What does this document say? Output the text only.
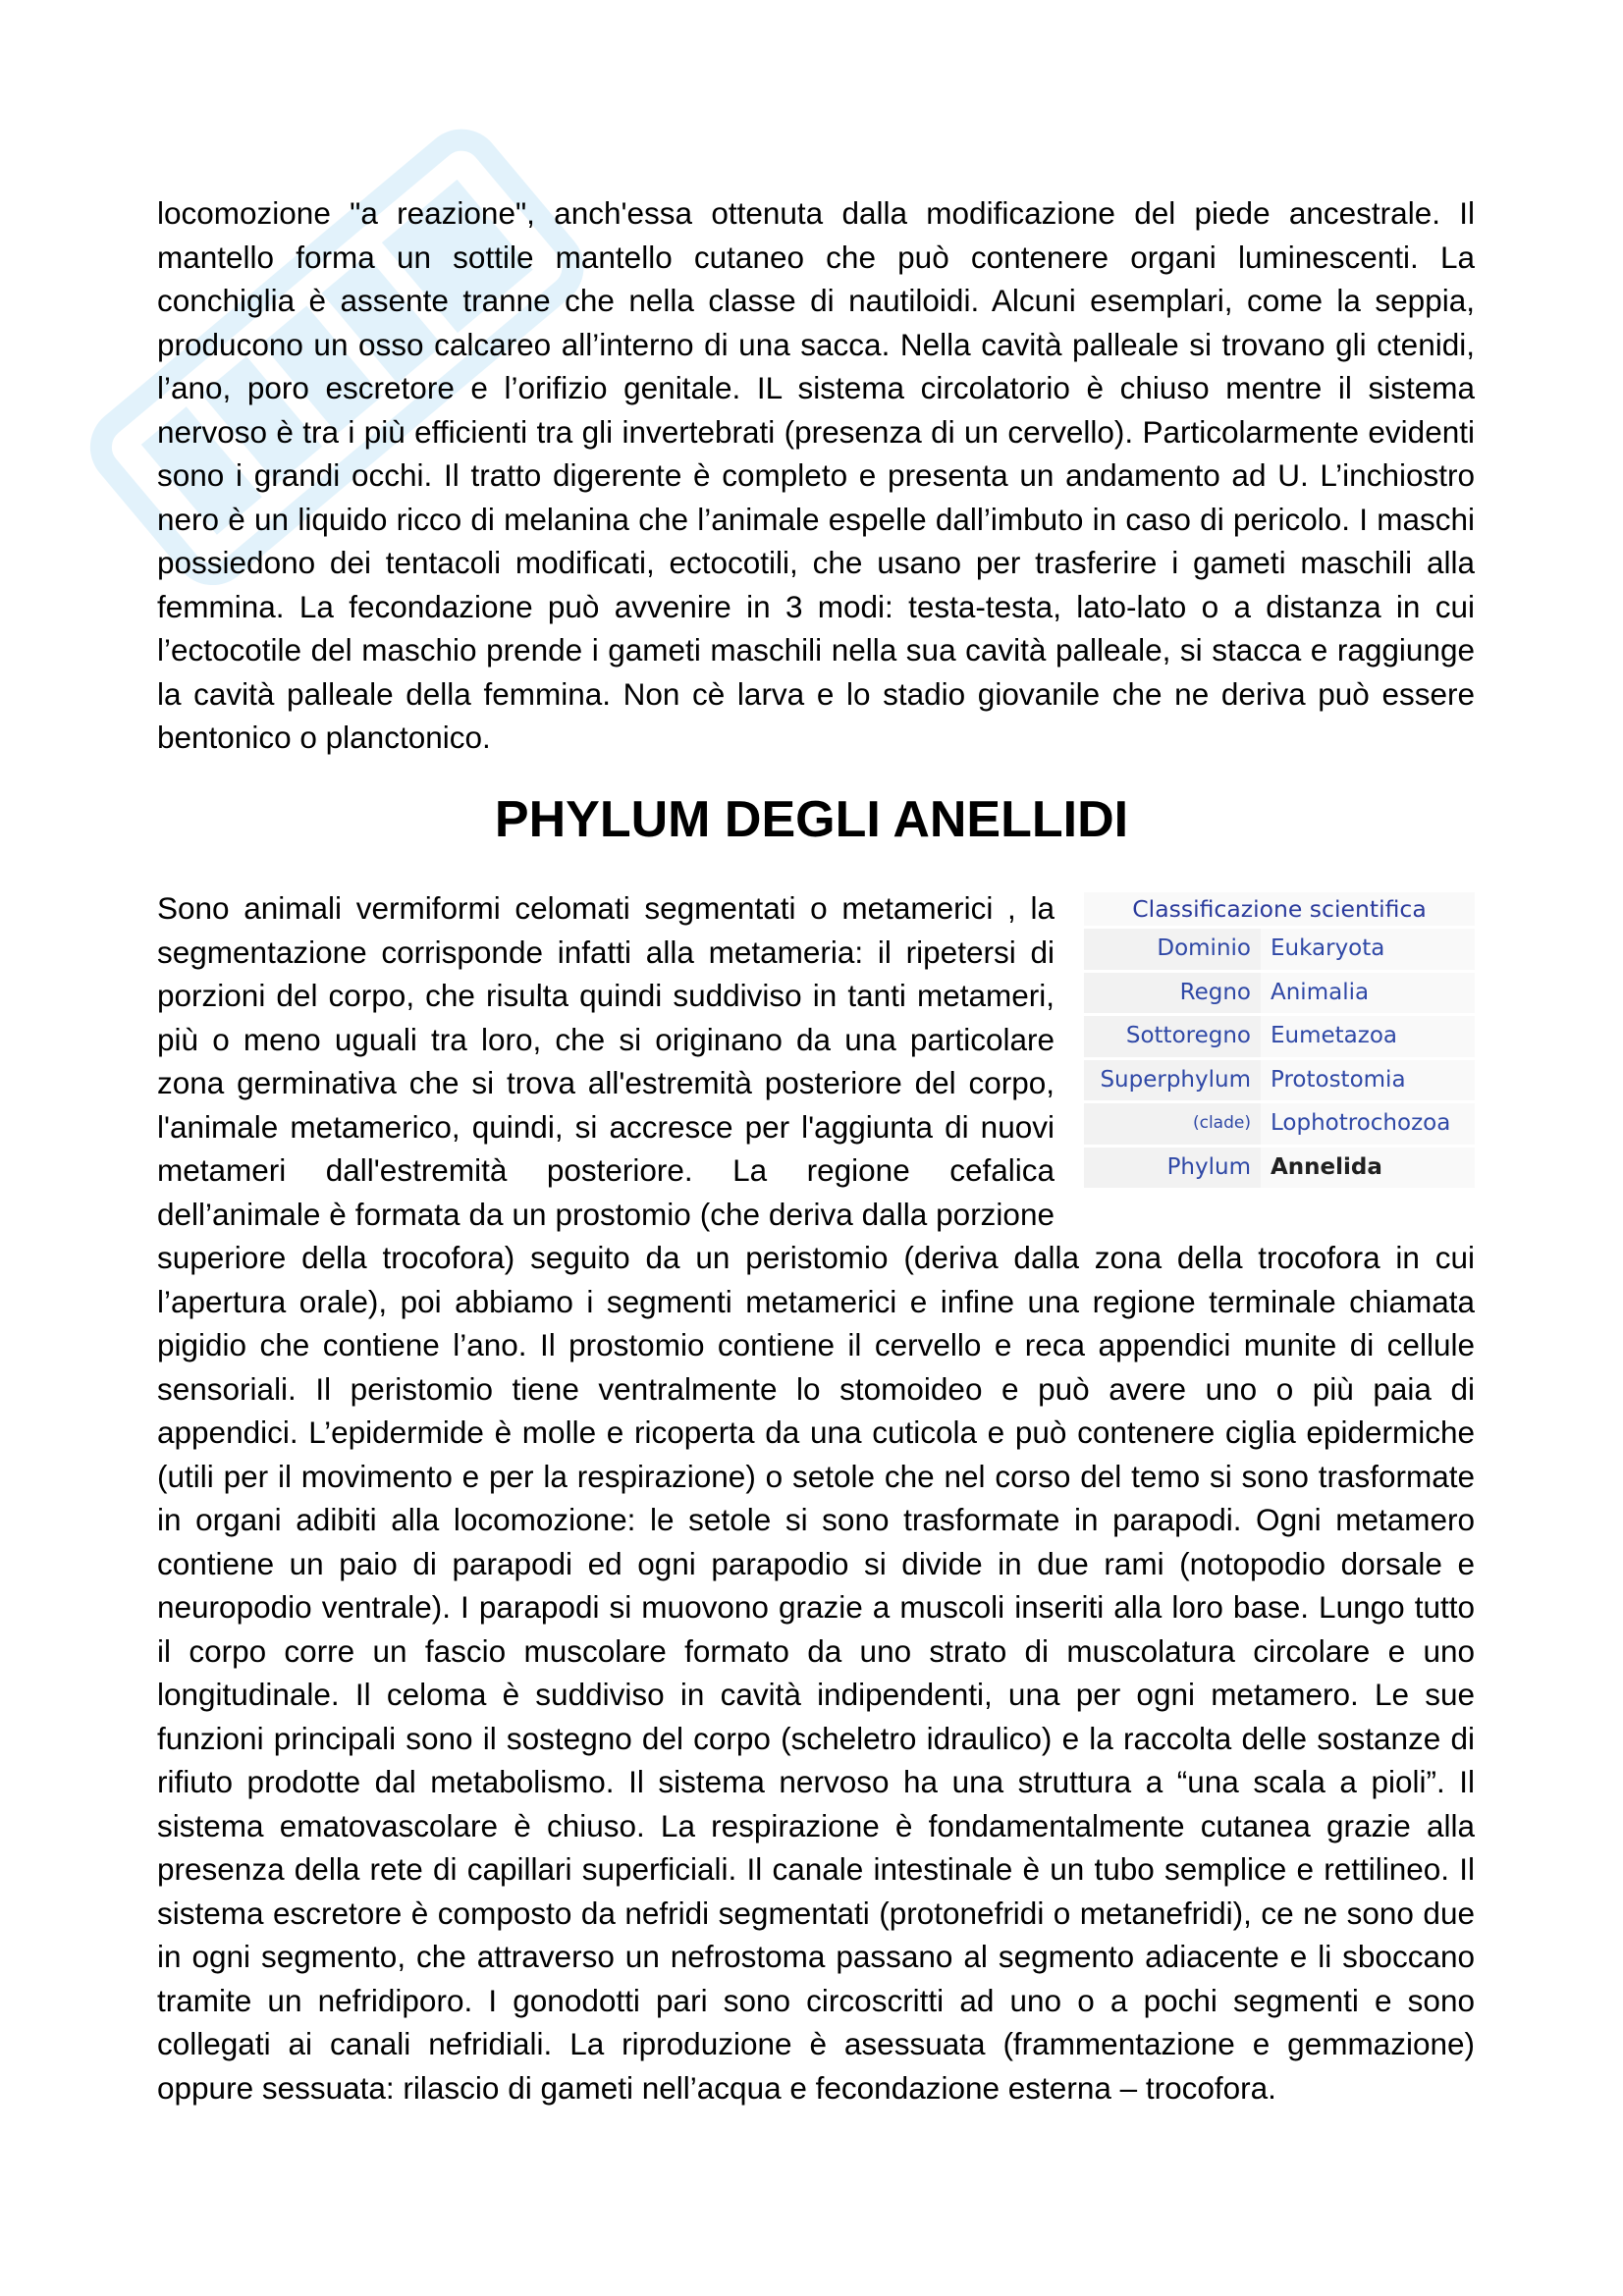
locomozione "a reazione", anch'essa ottenuta dalla modificazione del piede ancestrale. Il mantello forma un sottile mantello cutaneo che può contenere organi luminescenti. La conchiglia è assente tranne che nella classe di nautiloidi. Alcuni esemplari, come la seppia, producono un osso calcareo all’interno di una sacca. Nella cavità palleale si trovano gli ctenidi, l’ano, poro escretore e l’orifizio genitale. IL sistema circolatorio è chiuso mentre il sistema nervoso è tra i più efficienti tra gli invertebrati (presenza di un cervello). Particolarmente evidenti sono i grandi occhi. Il tratto digerente è completo e presenta un andamento ad U. L’inchiostro nero è un liquido ricco di melanina che l’animale espelle dall’imbuto in caso di pericolo. I maschi possiedono dei tentacoli modificati, ectocotili, che usano per trasferire i gameti maschili alla femmina. La fecondazione può avvenire in 3 modi: testa-testa, lato-lato o a distanza in cui l’ectocotile del maschio prende i gameti maschili nella sua cavità palleale, si stacca e raggiunge la cavità palleale della femmina. Non cè larva e lo stadio giovanile che ne deriva può essere bentonico o planctonico.
PHYLUM DEGLI ANELLIDI
Classificazione scientifica	
Dominio	Eukaryota
Regno	Animalia
Sottoregno	Eumetazoa
Superphylum	Protostomia
(clade)	Lophotrochozoa
Phylum	Annelida
Sono animali vermiformi celomati segmentati o metamerici , la segmentazione corrisponde infatti alla metameria: il ripetersi di porzioni del corpo, che risulta quindi suddiviso in tanti metameri, più o meno uguali tra loro, che si originano da una particolare zona germinativa che si trova all'estremità posteriore del corpo, l'animale metamerico, quindi, si accresce per l'aggiunta di nuovi metameri dall'estremità posteriore. La regione cefalica dell’animale è formata da un prostomio (che deriva dalla porzione superiore della trocofora) seguito da un peristomio (deriva dalla zona della trocofora in cui l’apertura orale), poi abbiamo i segmenti metamerici e infine una regione terminale chiamata pigidio che contiene l’ano. Il prostomio contiene il cervello e reca appendici munite di cellule sensoriali. Il peristomio tiene ventralmente lo stomoideo e può avere uno o più paia di appendici. L’epidermide è molle e ricoperta da una cuticola e può contenere ciglia epidermiche (utili per il movimento e per la respirazione) o setole che nel corso del temo si sono trasformate in organi adibiti alla locomozione: le setole si sono trasformate in parapodi. Ogni metamero contiene un paio di parapodi ed ogni parapodio si divide in due rami (notopodio dorsale e neuropodio ventrale). I parapodi si muovono grazie a muscoli inseriti alla loro base. Lungo tutto il corpo corre un fascio muscolare formato da uno strato di muscolatura circolare e uno longitudinale. Il celoma è suddiviso in cavità indipendenti, una per ogni metamero. Le sue funzioni principali sono il sostegno del corpo (scheletro idraulico) e la raccolta delle sostanze di rifiuto prodotte dal metabolismo. Il sistema nervoso ha una struttura a “una scala a pioli”. Il sistema ematovascolare è chiuso. La respirazione è fondamentalmente cutanea grazie alla presenza della rete di capillari superficiali. Il canale intestinale è un tubo semplice e rettilineo. Il sistema escretore è composto da nefridi segmentati (protonefridi o metanefridi), ce ne sono due in ogni segmento, che attraverso un nefrostoma passano al segmento adiacente e li sboccano tramite un nefridiporo. I gonodotti pari sono circoscritti ad uno o a pochi segmenti e sono collegati ai canali nefridiali. La riproduzione è asessuata (frammentazione e gemmazione) oppure sessuata: rilascio di gameti nell’acqua e fecondazione esterna – trocofora.
